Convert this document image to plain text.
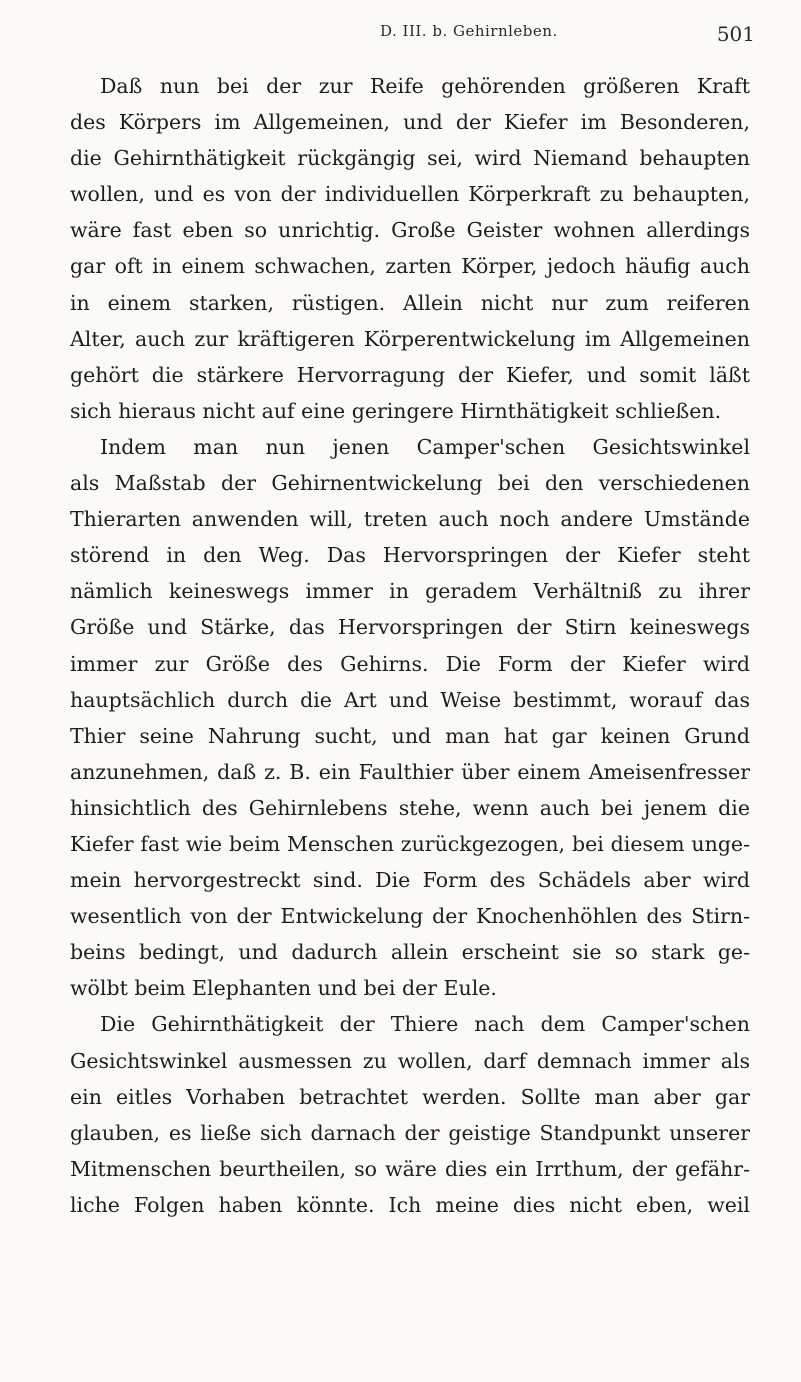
D. III. b. Gehirnleben.	501
Daß nun bei der zur Reife gehörenden größeren Kraft
des Körpers im Allgemeinen, und der Kiefer im Besonderen,
die Gehirnthätigkeit rückgängig sei, wird Niemand behaupten
wollen, und es von der individuellen Körperkraft zu behaupten,
wäre fast eben so unrichtig. Große Geister wohnen allerdings
gar oft in einem schwachen, zarten Körper, jedoch häufig auch
in einem starken, rüstigen. Allein nicht nur zum reiferen
Alter, auch zur kräftigeren Körperentwickelung im Allgemeinen
gehört die stärkere Hervorragung der Kiefer, und somit läßt
sich hieraus nicht auf eine geringere Hirnthätigkeit schließen.
Indem man nun jenen Camper'schen Gesichtswinkel
als Maßstab der Gehirnentwickelung bei den verschiedenen
Thierarten anwenden will, treten auch noch andere Umstände
störend in den Weg. Das Hervorspringen der Kiefer steht
nämlich keineswegs immer in geradem Verhältniß zu ihrer
Größe und Stärke, das Hervorspringen der Stirn keineswegs
immer zur Größe des Gehirns. Die Form der Kiefer wird
hauptsächlich durch die Art und Weise bestimmt, worauf das
Thier seine Nahrung sucht, und man hat gar keinen Grund
anzunehmen, daß z. B. ein Faulthier über einem Ameisenfresser
hinsichtlich des Gehirnlebens stehe, wenn auch bei jenem die
Kiefer fast wie beim Menschen zurückgezogen, bei diesem unge-
mein hervorgestreckt sind. Die Form des Schädels aber wird
wesentlich von der Entwickelung der Knochenhöhlen des Stirn-
beins bedingt, und dadurch allein erscheint sie so stark ge-
wölbt beim Elephanten und bei der Eule.
Die Gehirnthätigkeit der Thiere nach dem Camper'schen
Gesichtswinkel ausmessen zu wollen, darf demnach immer als
ein eitles Vorhaben betrachtet werden. Sollte man aber gar
glauben, es ließe sich darnach der geistige Standpunkt unserer
Mitmenschen beurtheilen, so wäre dies ein Irrthum, der gefähr-
liche Folgen haben könnte. Ich meine dies nicht eben, weil
